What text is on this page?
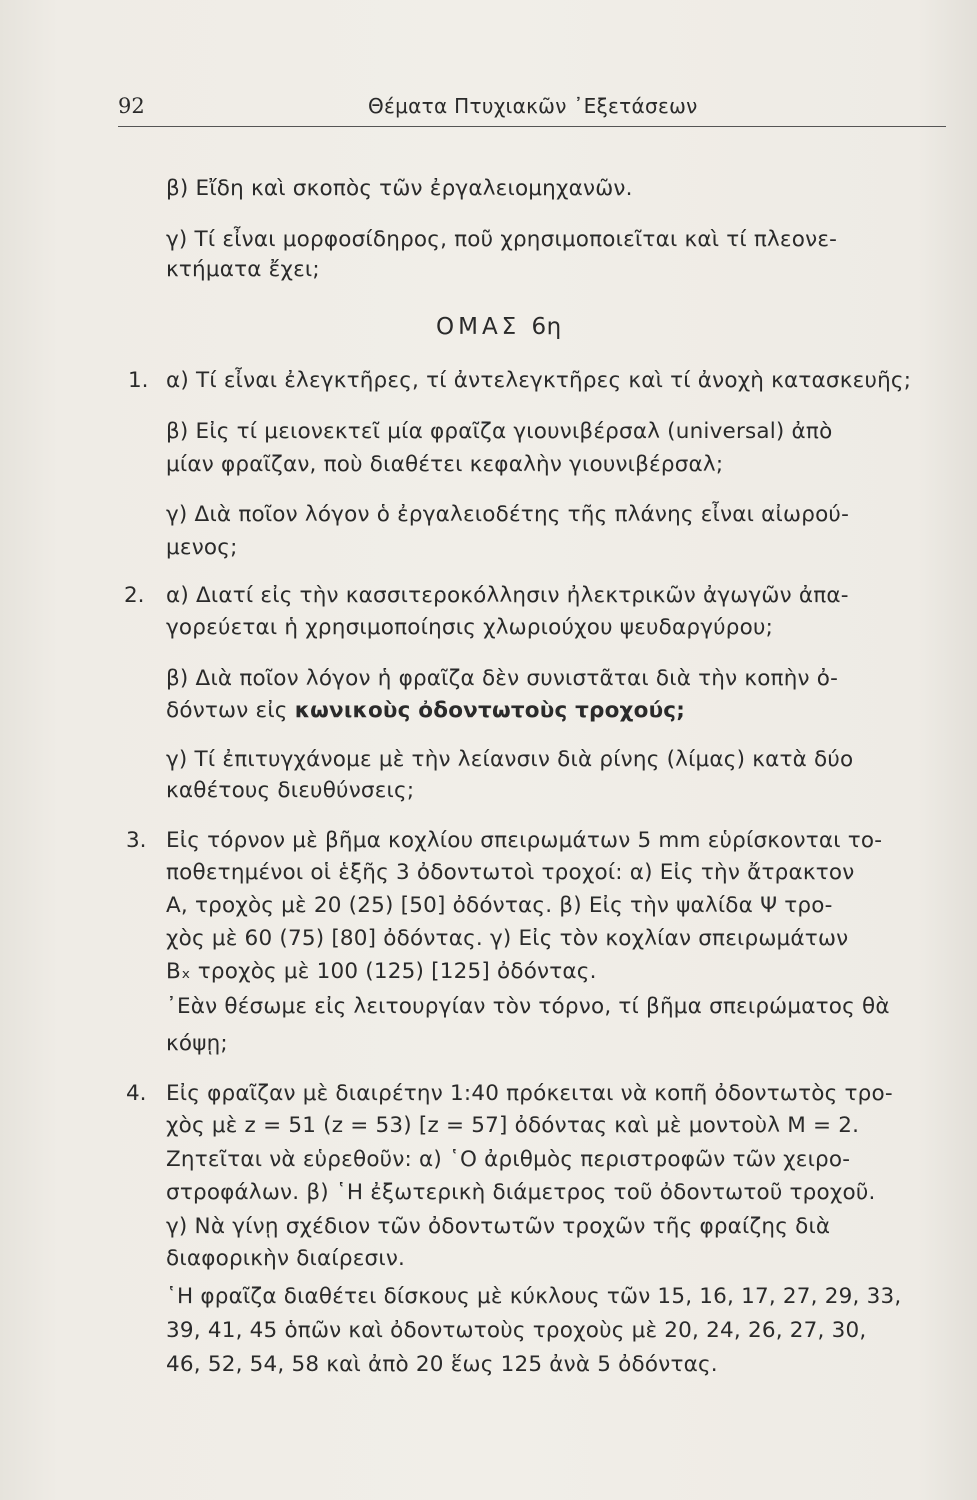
92	Θέματα Πτυχιακῶν ᾿Εξετάσεων
β) Εἴδη καὶ σκοπὸς τῶν ἐργαλειομηχανῶν.
γ) Τί εἶναι μορφοσίδηρος, ποῦ χρησιμοποιεῖται καὶ τί πλεονε-
κτήματα ἔχει;
ΟΜΑΣ 6η
1. α) Τί εἶναι ἐλεγκτῆρες, τί ἀντελεγκτῆρες καὶ τί ἀνοχὴ κατασκευῆς;
β) Εἰς τί μειονεκτεῖ μία φραῖζα γιουνιβέρσαλ (universal) ἀπὸ
μίαν φραῖζαν, ποὺ διαθέτει κεφαλὴν γιουνιβέρσαλ;
γ) Διὰ ποῖον λόγον ὁ ἐργαλειοδέτης τῆς πλάνης εἶναι αἰωρού-
μενος;
2. α) Διατί εἰς τὴν κασσιτεροκόλλησιν ἠλεκτρικῶν ἀγωγῶν ἀπα-
γορεύεται ἡ χρησιμοποίησις χλωριούχου ψευδαργύρου;
β) Διὰ ποῖον λόγον ἡ φραῖζα δὲν συνιστᾶται διὰ τὴν κοπὴν ὀ-
δόντων εἰς κωνικοὺς ὀδοντωτοὺς τροχούς;
γ) Τί ἐπιτυγχάνομε μὲ τὴν λείανσιν διὰ ρίνης (λίμας) κατὰ δύο
καθέτους διευθύνσεις;
3. Εἰς τόρνον μὲ βῆμα κοχλίου σπειρωμάτων 5 mm εὑρίσκονται το-
ποθετημένοι οἱ ἑξῆς 3 ὀδοντωτοὶ τροχοί: α) Εἰς τὴν ἄτρακτον
Α, τροχὸς μὲ 20 (25) [50] ὀδόντας. β) Εἰς τὴν ψαλίδα Ψ τρο-
χὸς μὲ 60 (75) [80] ὀδόντας. γ) Εἰς τὸν κοχλίαν σπειρωμάτων
Βₓ τροχὸς μὲ 100 (125) [125] ὀδόντας.
᾿Εὰν θέσωμε εἰς λειτουργίαν τὸν τόρνο, τί βῆμα σπειρώματος θὰ
κόψῃ;
4. Εἰς φραῖζαν μὲ διαιρέτην 1:40 πρόκειται νὰ κοπῆ ὀδοντωτὸς τρο-
χὸς μὲ z = 51 (z = 53) [z = 57] ὀδόντας καὶ μὲ μοντοὺλ M = 2.
Ζητεῖται νὰ εὑρεθοῦν: α) ῾Ο ἀριθμὸς περιστροφῶν τῶν χειρο-
στροφάλων. β) ῾Η ἐξωτερικὴ διάμετρος τοῦ ὀδοντωτοῦ τροχοῦ.
γ) Νὰ γίνῃ σχέδιον τῶν ὀδοντωτῶν τροχῶν τῆς φραίζης διὰ
διαφορικὴν διαίρεσιν.
῾Η φραῖζα διαθέτει δίσκους μὲ κύκλους τῶν 15, 16, 17, 27, 29, 33,
39, 41, 45 ὁπῶν καὶ ὀδοντωτοὺς τροχοὺς μὲ 20, 24, 26, 27, 30,
46, 52, 54, 58 καὶ ἀπὸ 20 ἕως 125 ἀνὰ 5 ὀδόντας.
